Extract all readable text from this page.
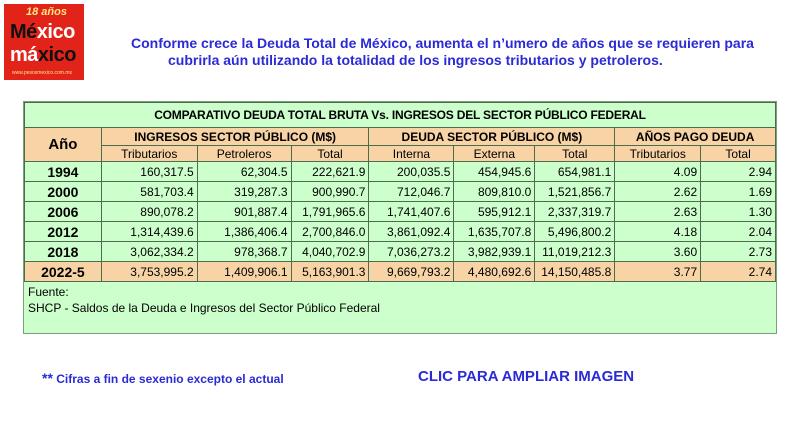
18 años
México
máxico
www.pesosmexico.com.mx
Conforme crece la Deuda Total de México, aumenta el n’umero de años que se requieren para
cubrirla aún utilizando la totalidad de los ingresos tributarios y petroleros.
COMPARATIVO DEUDA TOTAL BRUTA Vs. INGRESOS DEL SECTOR PÚBLICO FEDERAL								
Año	INGRESOS SECTOR PÚBLICO (M$)			DEUDA SECTOR PÚBLICO (M$)			AÑOS PAGO DEUDA	
	Tributarios	Petroleros	Total	Interna	Externa	Total	Tributarios	Total
1994	160,317.5	62,304.5	222,621.9	200,035.5	454,945.6	654,981.1	4.09	2.94
2000	581,703.4	319,287.3	900,990.7	712,046.7	809,810.0	1,521,856.7	2.62	1.69
2006	890,078.2	901,887.4	1,791,965.6	1,741,407.6	595,912.1	2,337,319.7	2.63	1.30
2012	1,314,439.6	1,386,406.4	2,700,846.0	3,861,092.4	1,635,707.8	5,496,800.2	4.18	2.04
2018	3,062,334.2	978,368.7	4,040,702.9	7,036,273.2	3,982,939.1	11,019,212.3	3.60	2.73
2022-5	3,753,995.2	1,409,906.1	5,163,901.3	9,669,793.2	4,480,692.6	14,150,485.8	3.77	2.74
Fuente:
SHCP - Saldos de la Deuda e Ingresos del Sector Público Federal
** Cifras a fin de sexenio excepto el actual	CLIC PARA AMPLIAR IMAGEN
